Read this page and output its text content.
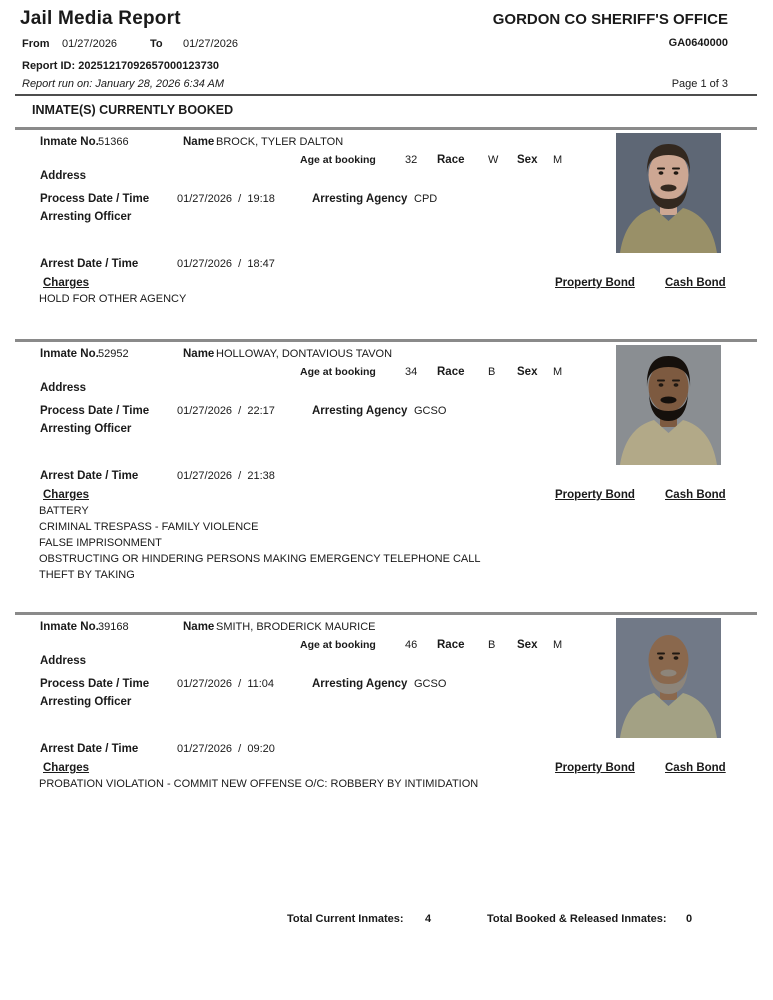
Jail Media Report	GORDON CO SHERIFF'S OFFICE
GA0640000
From 01/27/2026	To 01/27/2026
Report ID: 20251217092657000123730
Report run on: January 28, 2026 6:34 AM	Page 1 of 3
INMATE(S) CURRENTLY BOOKED
Inmate No. 51366	Name BROCK, TYLER DALTON
Age at booking	32 Race W Sex M
Address
Process Date / Time	01/27/2026  /  19:18	Arresting Agency CPD
Arresting Officer
Arrest Date / Time	01/27/2026  /  18:47
Charges	Property Bond	Cash Bond
HOLD FOR OTHER AGENCY
Inmate No. 52952	Name HOLLOWAY, DONTAVIOUS TAVON
Age at booking	34 Race B Sex M
Address
Process Date / Time	01/27/2026  /  22:17	Arresting Agency GCSO
Arresting Officer
Arrest Date / Time	01/27/2026  /  21:38
Charges	Property Bond	Cash Bond
BATTERY
CRIMINAL TRESPASS - FAMILY VIOLENCE
FALSE IMPRISONMENT
OBSTRUCTING OR HINDERING PERSONS MAKING EMERGENCY TELEPHONE CALL
THEFT BY TAKING
Inmate No. 39168	Name SMITH, BRODERICK MAURICE
Age at booking	46 Race B Sex M
Address
Process Date / Time	01/27/2026  /  11:04	Arresting Agency GCSO
Arresting Officer
Arrest Date / Time	01/27/2026  /  09:20
Charges	Property Bond	Cash Bond
PROBATION VIOLATION - COMMIT NEW OFFENSE O/C: ROBBERY BY INTIMIDATION
Total Current Inmates: 4	Total Booked & Released Inmates: 0
